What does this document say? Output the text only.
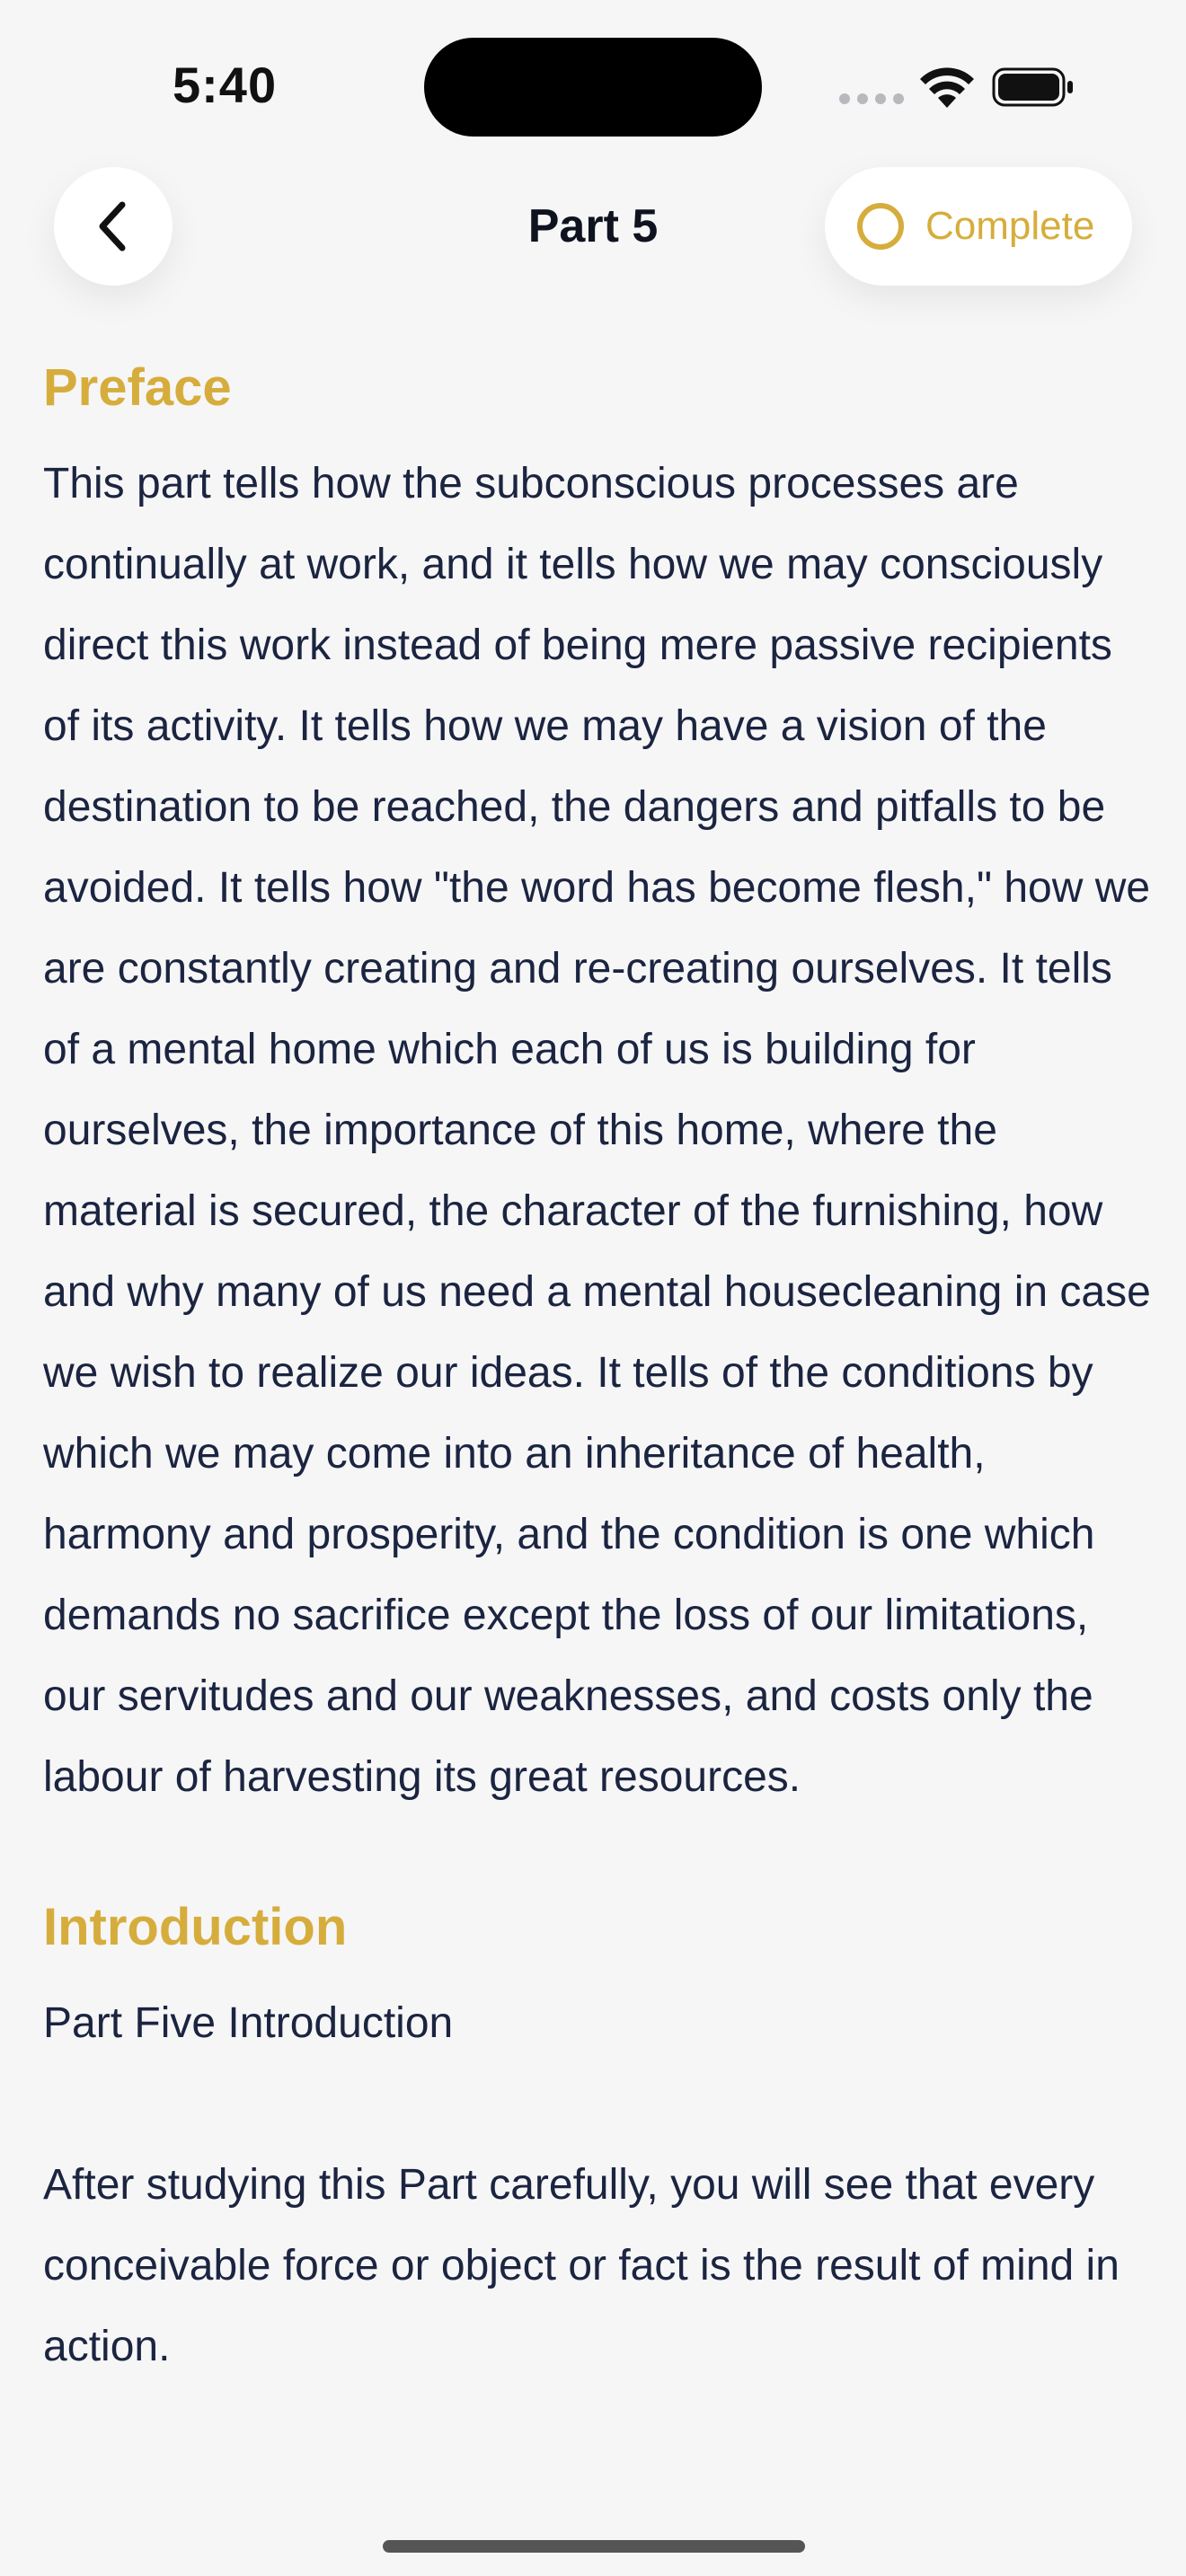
5:40
Part 5	Complete
Preface

This part tells how the subconscious processes are continually at work, and it tells how we may consciously direct this work instead of being mere passive recipients of its activity. It tells how we may have a vision of the destination to be reached, the dangers and pitfalls to be avoided. It tells how "the word has become flesh," how we are constantly creating and re-creating ourselves. It tells of a mental home which each of us is building for ourselves, the importance of this home, where the material is secured, the character of the furnishing, how and why many of us need a mental housecleaning in case we wish to realize our ideas. It tells of the conditions by which we may come into an inheritance of health, harmony and prosperity, and the condition is one which demands no sacrifice except the loss of our limitations, our servitudes and our weaknesses, and costs only the labour of harvesting its great resources.

Introduction

Part Five Introduction

After studying this Part carefully, you will see that every conceivable force or object or fact is the result of mind in action.
